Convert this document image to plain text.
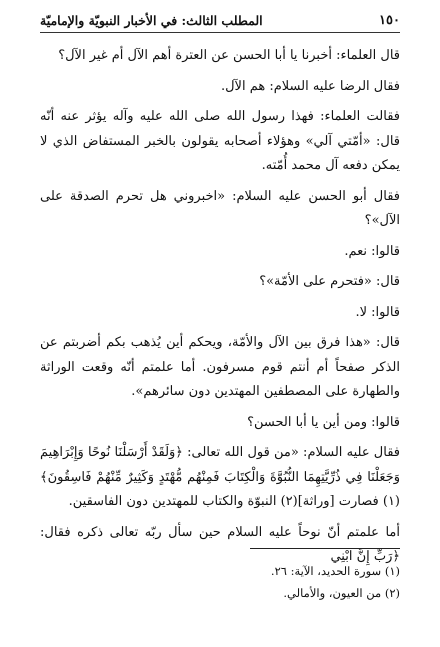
١٥٠
المطلب الثالث: في الأخبار النبويّة والإماميّة

قال العلماء: أخبرنا يا أبا الحسن عن العترة أهم الآل أم غير الآل؟

فقال الرضا عليه السلام: هم الآل.

فقالت العلماء: فهذا رسول الله صلى الله عليه وآله يؤثر عنه أنّه قال: «أمّتي آلي» وهؤلاء أصحابه يقولون بالخبر المستفاض الذي لا يمكن دفعه آل محمد أُمّته.

فقال أبو الحسن عليه السلام: «اخبروني هل تحرم الصدقة على الآل»؟

قالوا: نعم.

قال: «فتحرم على الأمّة»؟

قالوا: لا.

قال: «هذا فرق بين الآل والأمّة، ويحكم أين يُذهب بكم أضربتم عن الذكر صفحاً أم أنتم قوم مسرفون. أما علمتم أنّه وقعت الوراثة والطهارة على المصطفين المهتدين دون سائرهم».

قالوا: ومن أين يا أبا الحسن؟

فقال عليه السلام: «من قول الله تعالى: ﴿وَلَقَدْ أَرْسَلْنَا نُوحًا وَإِبْرَاهِيمَ وَجَعَلْنَا فِي ذُرِّيَّتِهِمَا النُّبُوَّةَ وَالْكِتَابَ فَمِنْهُم مُّهْتَدٍ وَكَثِيرٌ مِّنْهُمْ فَاسِقُونَ﴾(١) فصارت [وراثة](٢) النبوّة والكتاب للمهتدين دون الفاسقين.

أما علمتم أنّ نوحاً عليه السلام حين سأل ربّه تعالى ذكره فقال: ﴿رَبِّ إِنَّ ابْنِي

(١) سورة الحديد، الآية: ٢٦.
(٢) من العيون، والأمالي.
